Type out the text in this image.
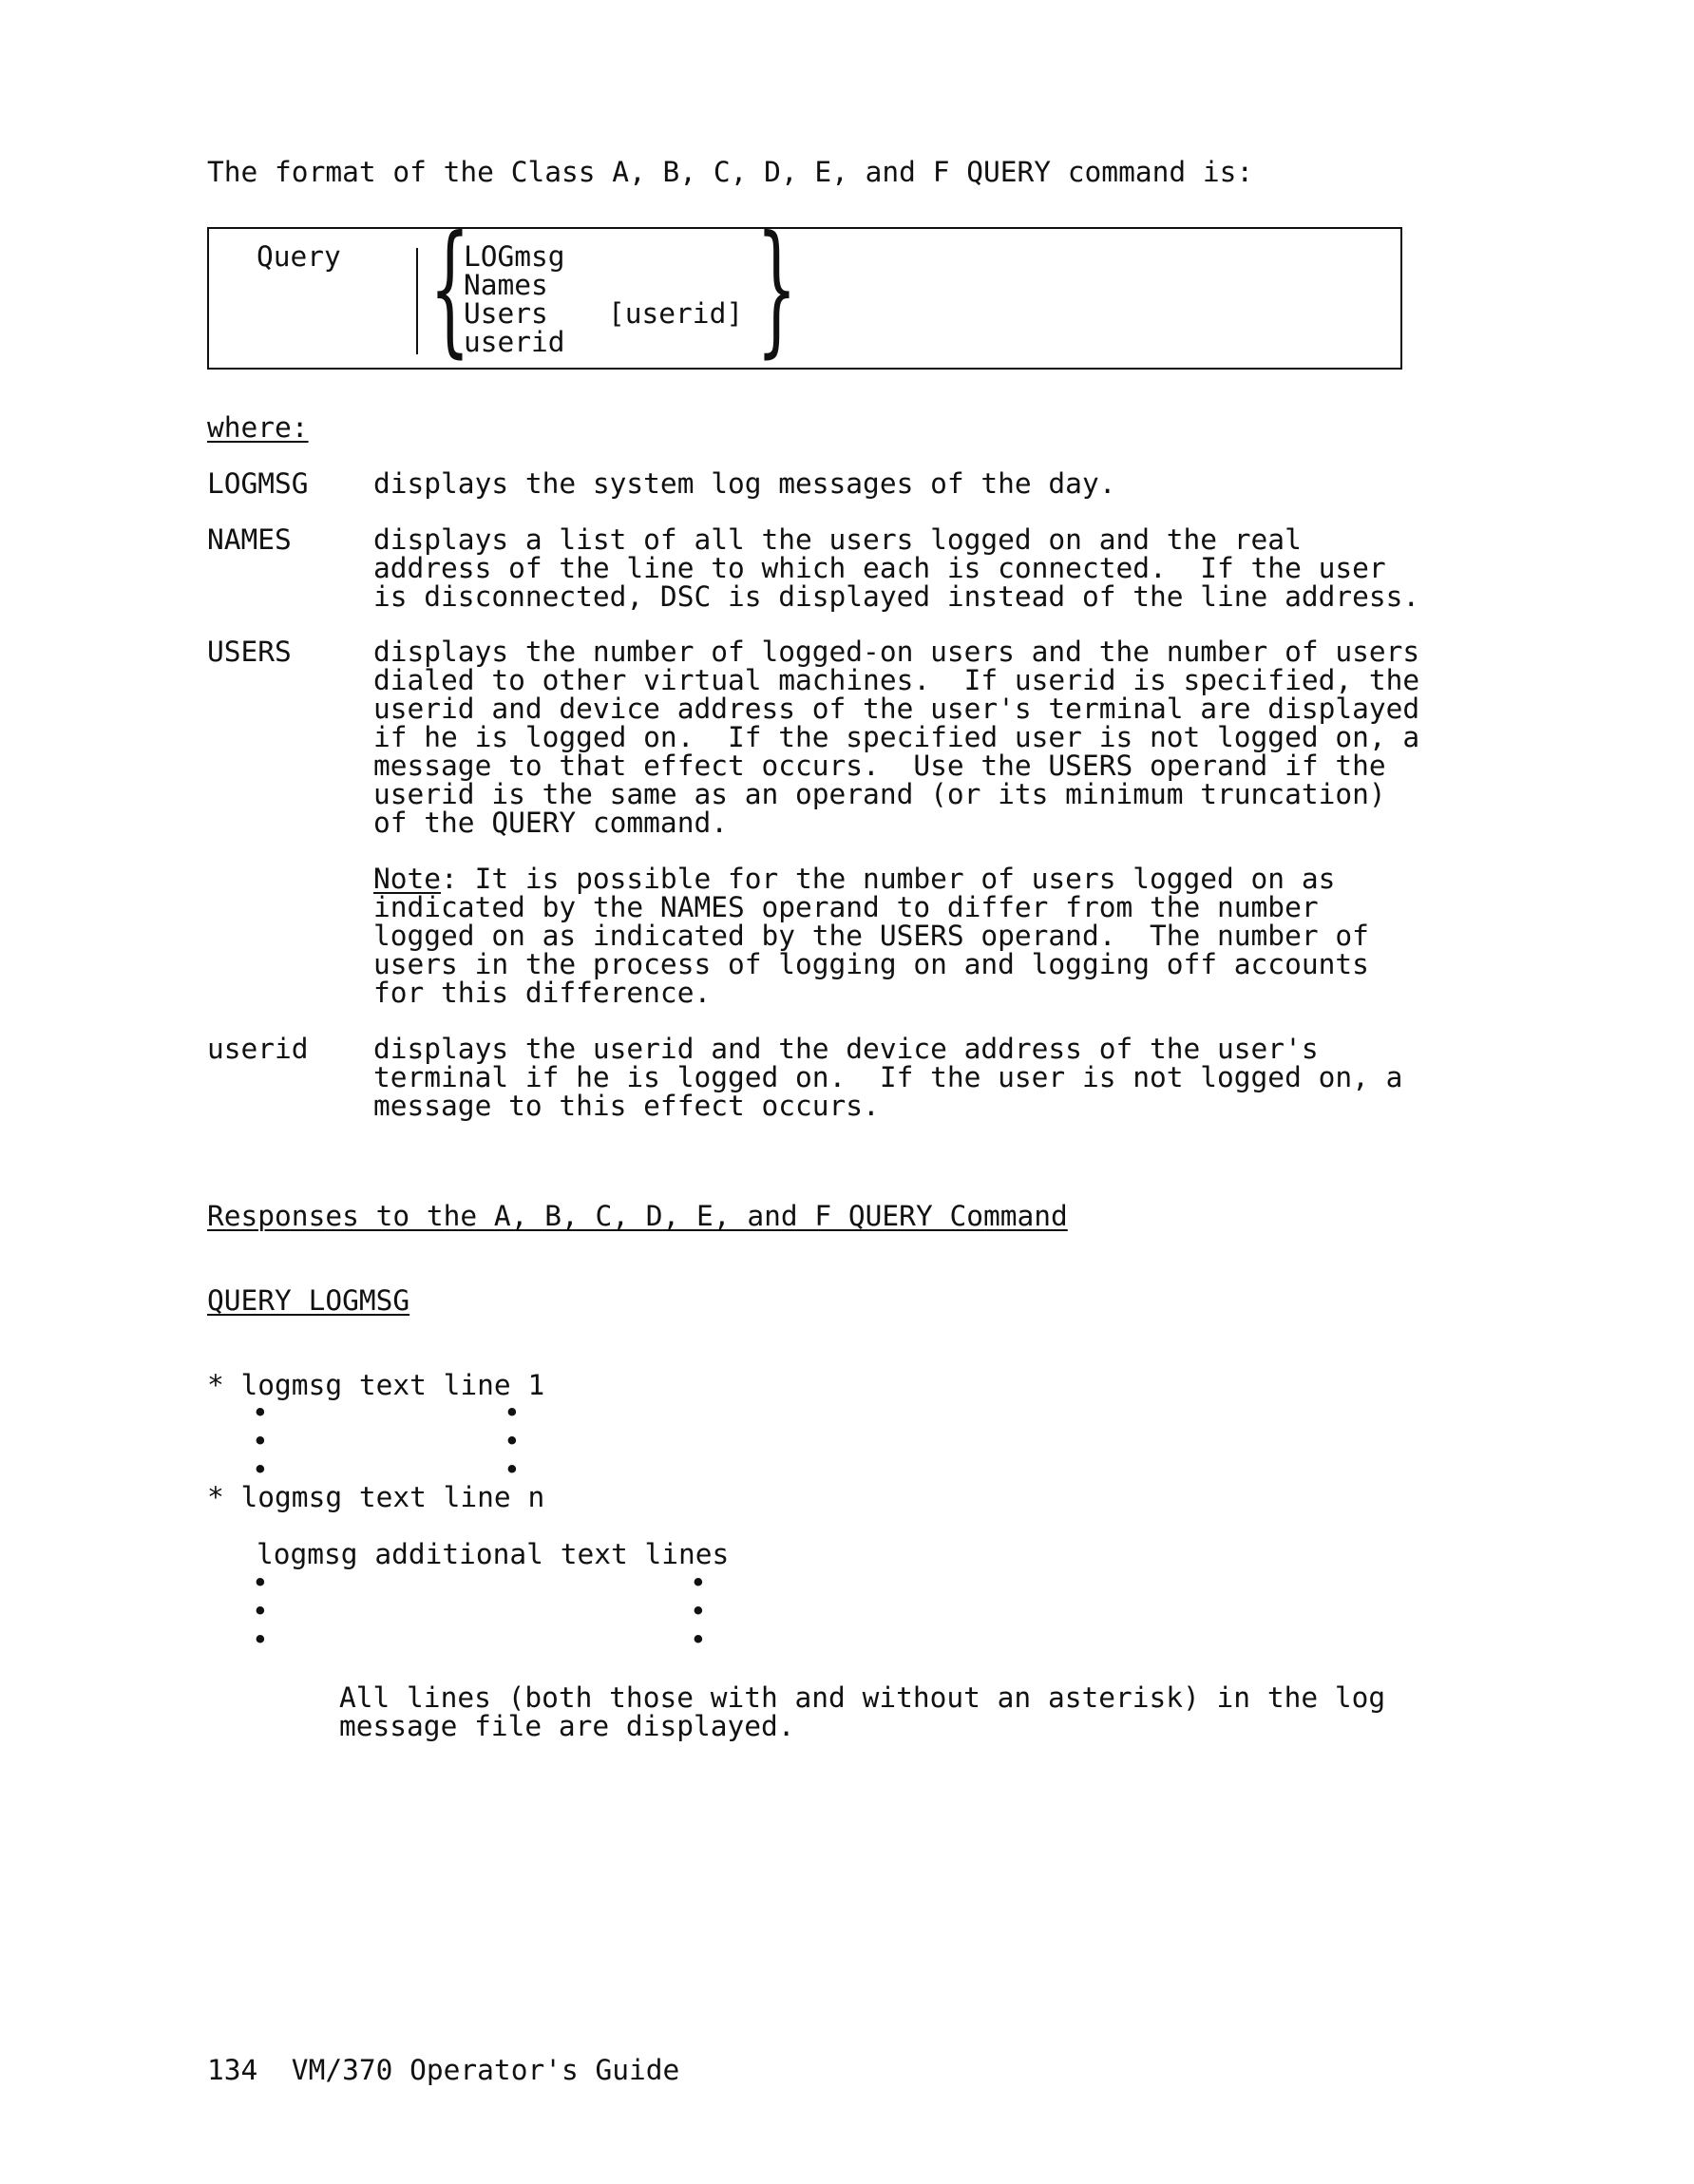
The format of the Class A, B, C, D, E, and F QUERY command is:
Query {
LOGmsg
Names
Users [userid]
userid }
where:
LOGMSG displays the system log messages of the day.
NAMES	displays a list of all the users logged on and the real
address of the line to which each is connected.  If the user
is disconnected, DSC is displayed instead of the line address.
USERS	displays the number of logged-on users and the number of users
dialed to other virtual machines.  If userid is specified, the
userid and device address of the user's terminal are displayed
if he is logged on.  If the specified user is not logged on, a
message to that effect occurs.  Use the USERS operand if the
userid is the same as an operand (or its minimum truncation)
of the QUERY command.
Note: It is possible for the number of users logged on as
indicated by the NAMES operand to differ from the number
logged on as indicated by the USERS operand.  The number of
users in the process of logging on and logging off accounts
for this difference.
userid displays the userid and the device address of the user's
terminal if he is logged on.  If the user is not logged on, a
message to this effect occurs.
Responses to the A, B, C, D, E, and F QUERY Command
QUERY LOGMSG
* logmsg text line 1
•	•
•	•
•	•
* logmsg text line n
logmsg additional text lines
•	•
•	•
•	•
All lines (both those with and without an asterisk) in the log
message file are displayed.
134  VM/370 Operator's Guide
